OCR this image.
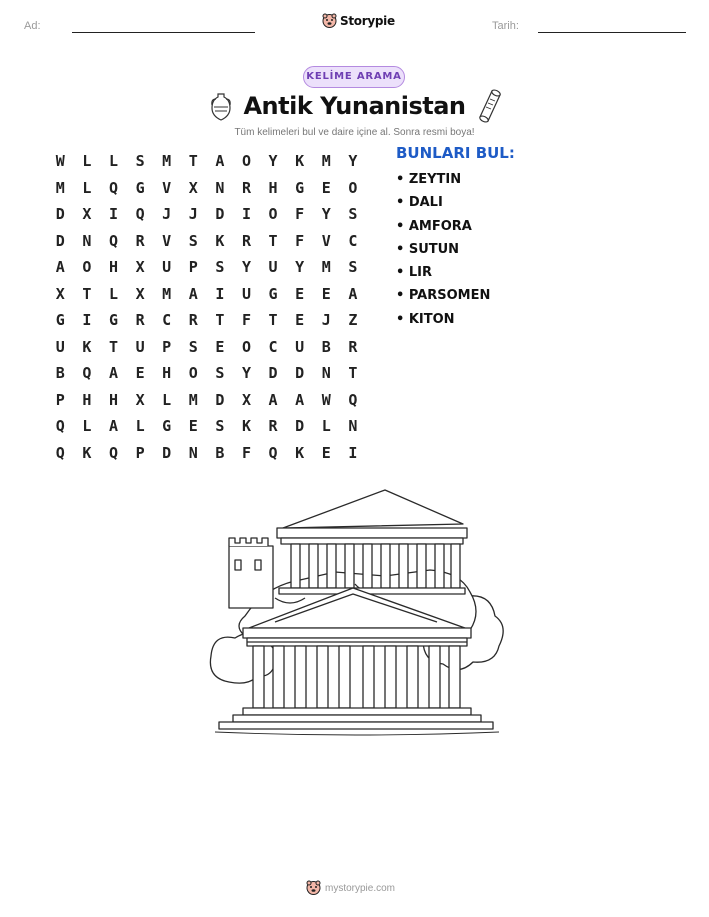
Ad:	Storypie	Tarih:
KELİME ARAMA
Antik Yunanistan
Tüm kelimeleri bul ve daire içine al. Sonra resmi boya!
W	L	L	S	M	T	A	O	Y	K	M	Y
M	L	Q	G	V	X	N	R	H	G	E	O
D	X	I	Q	J	J	D	I	O	F	Y	S
D	N	Q	R	V	S	K	R	T	F	V	C
A	O	H	X	U	P	S	Y	U	Y	M	S
X	T	L	X	M	A	I	U	G	E	E	A
G	I	G	R	C	R	T	F	T	E	J	Z
U	K	T	U	P	S	E	O	C	U	B	R
B	Q	A	E	H	O	S	Y	D	D	N	T
P	H	H	X	L	M	D	X	A	A	W	Q
Q	L	A	L	G	E	S	K	R	D	L	N
Q	K	Q	P	D	N	B	F	Q	K	E	I
BUNLARI BUL:
• ZEYTIN
• DALI
• AMFORA
• SUTUN
• LIR
• PARSOMEN
• KITON
mystorypie.com
